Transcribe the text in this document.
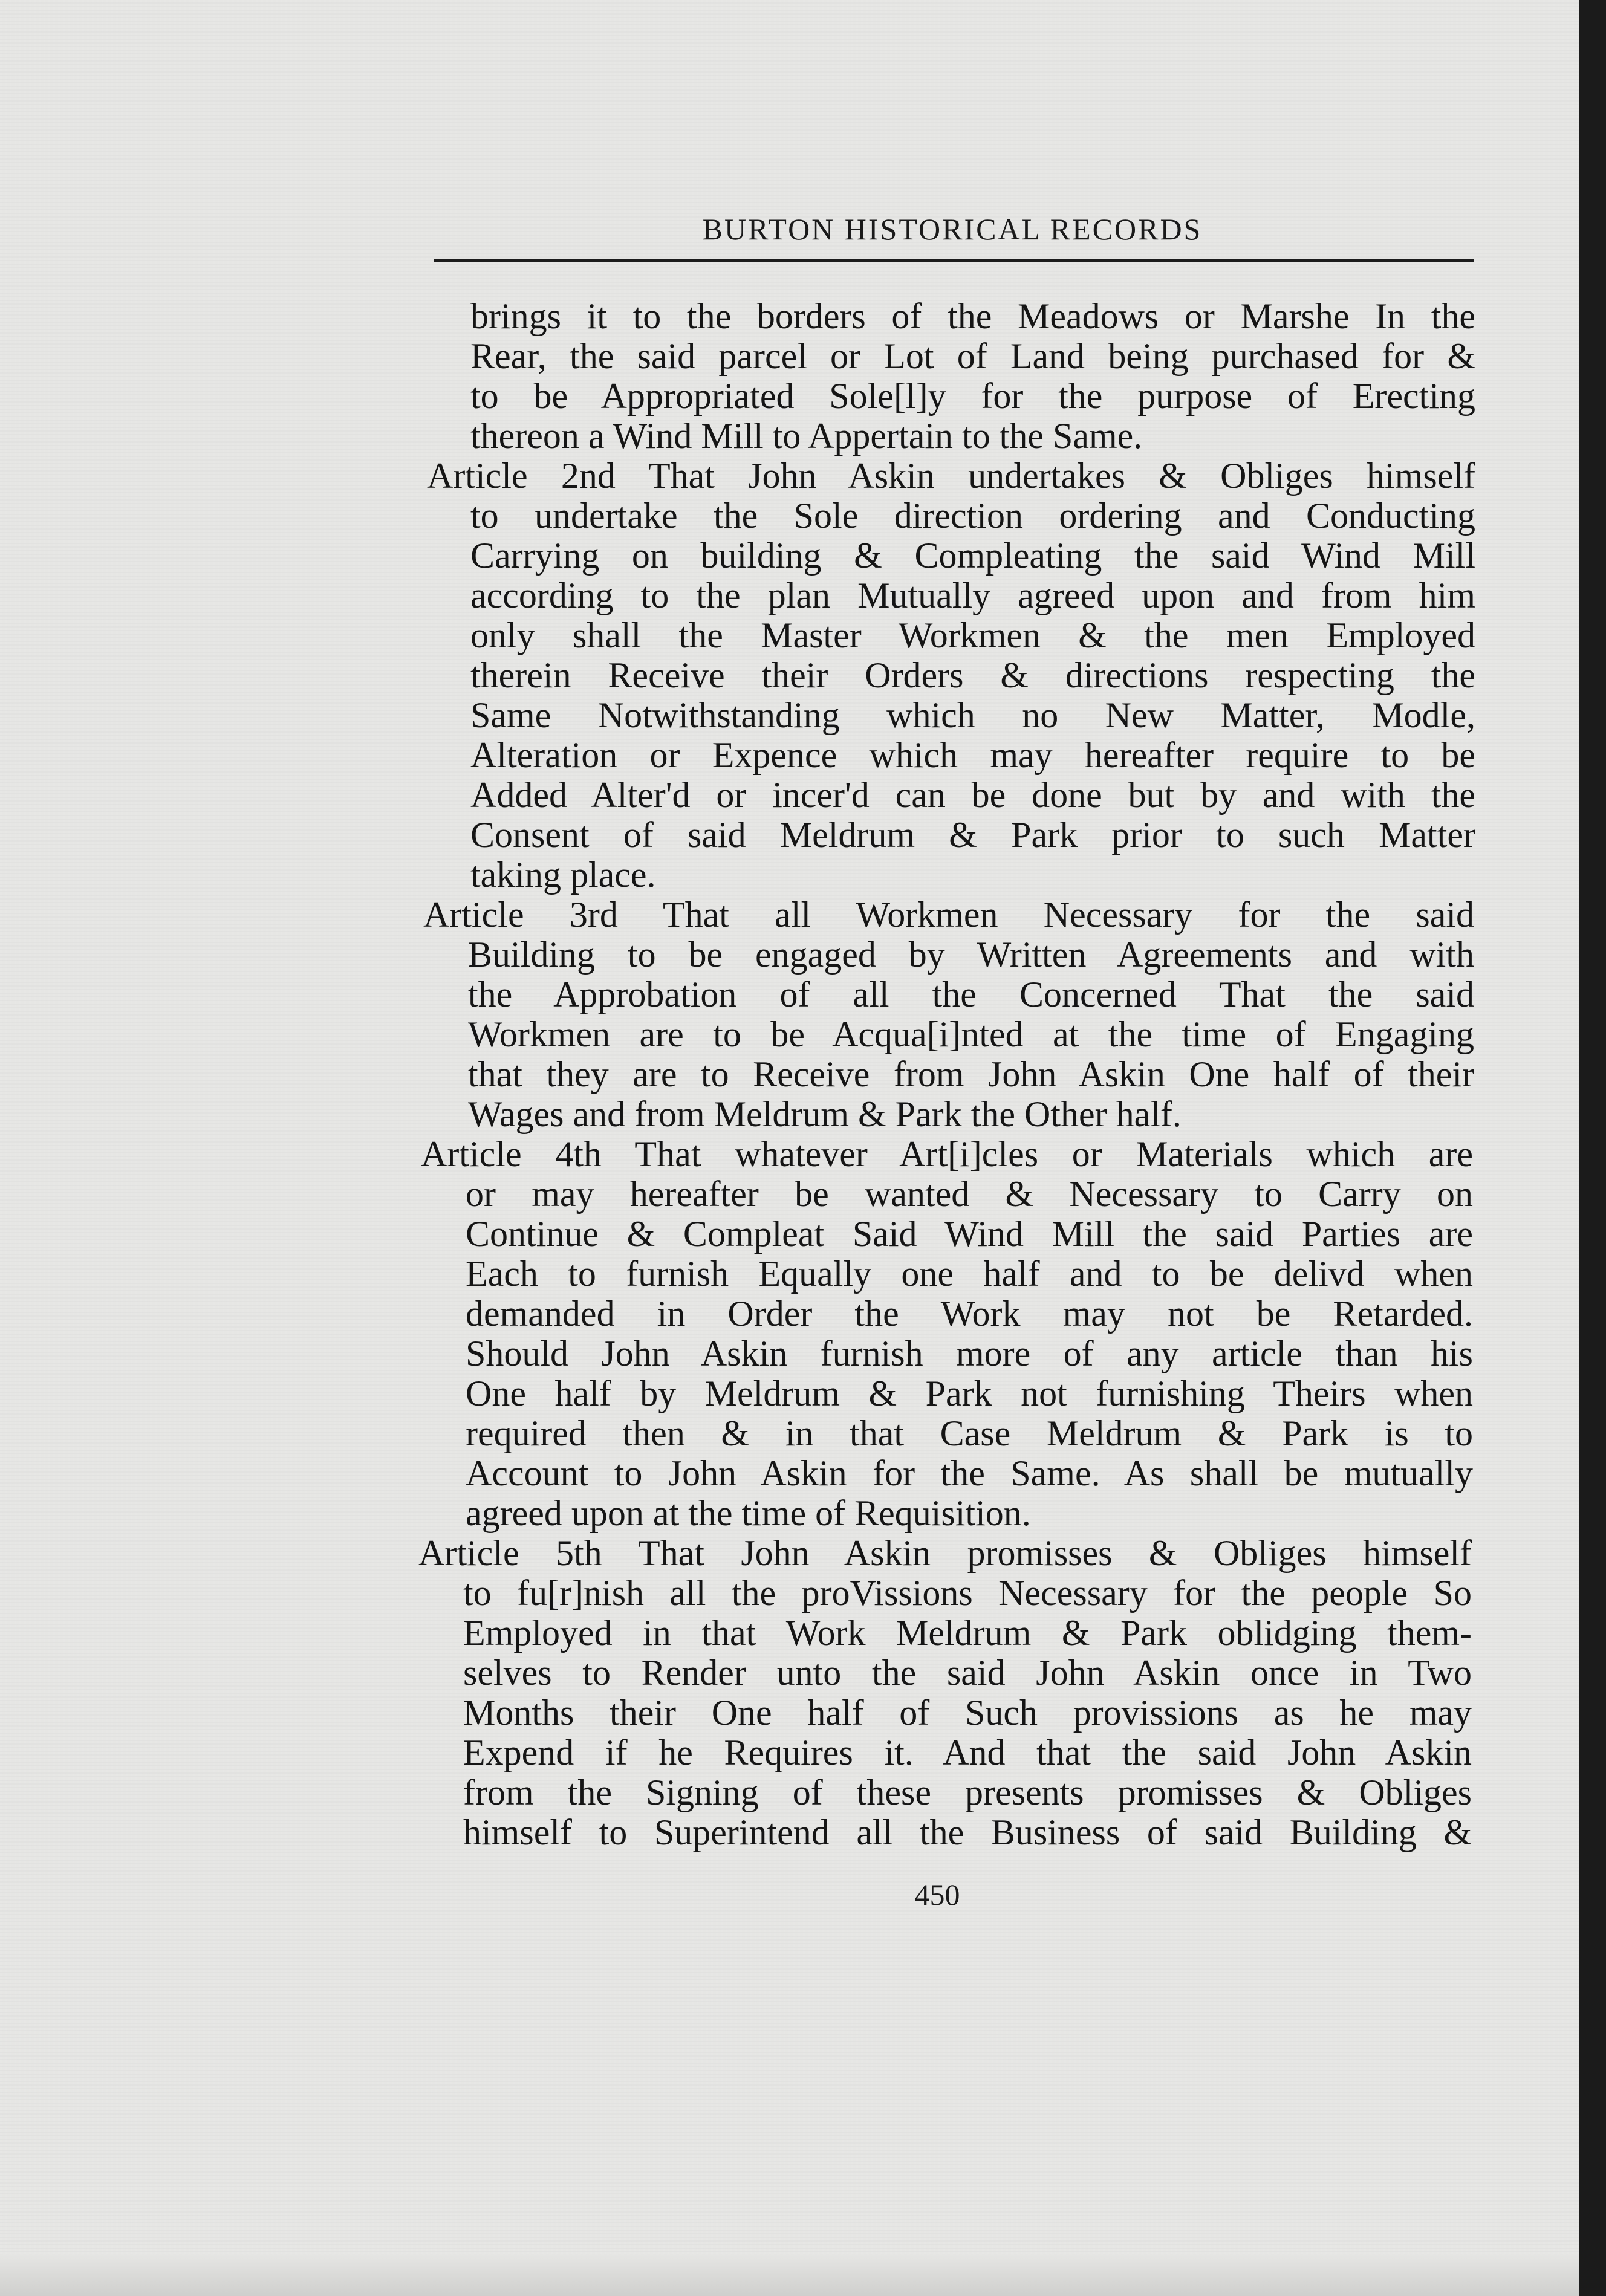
BURTON HISTORICAL RECORDS
brings it to the borders of the Meadows or Marshe In the
Rear, the said parcel or Lot of Land being purchased for &
to be Appropriated Sole[l]y for the purpose of Erecting
thereon a Wind Mill to Appertain to the Same.
Article 2nd That John Askin undertakes & Obliges himself
to undertake the Sole direction ordering and Conducting
Carrying on building & Compleating the said Wind Mill
according to the plan Mutually agreed upon and from him
only shall the Master Workmen & the men Employed
therein Receive their Orders & directions respecting the
Same Notwithstanding which no New Matter, Modle,
Alteration or Expence which may hereafter require to be
Added Alter'd or incer'd can be done but by and with the
Consent of said Meldrum & Park prior to such Matter
taking place.
Article 3rd That all Workmen Necessary for the said
Building to be engaged by Written Agreements and with
the Approbation of all the Concerned That the said
Workmen are to be Acqua[i]nted at the time of Engaging
that they are to Receive from John Askin One half of their
Wages and from Meldrum & Park the Other half.
Article 4th That whatever Art[i]cles or Materials which are
or may hereafter be wanted & Necessary to Carry on
Continue & Compleat Said Wind Mill the said Parties are
Each to furnish Equally one half and to be delivd when
demanded in Order the Work may not be Retarded.
Should John Askin furnish more of any article than his
One half by Meldrum & Park not furnishing Theirs when
required then & in that Case Meldrum & Park is to
Account to John Askin for the Same. As shall be mutually
agreed upon at the time of Requisition.
Article 5th That John Askin promisses & Obliges himself
to fu[r]nish all the proVissions Necessary for the people So
Employed in that Work Meldrum & Park oblidging them-
selves to Render unto the said John Askin once in Two
Months their One half of Such provissions as he may
Expend if he Requires it. And that the said John Askin
from the Signing of these presents promisses & Obliges
himself to Superintend all the Business of said Building &
450
